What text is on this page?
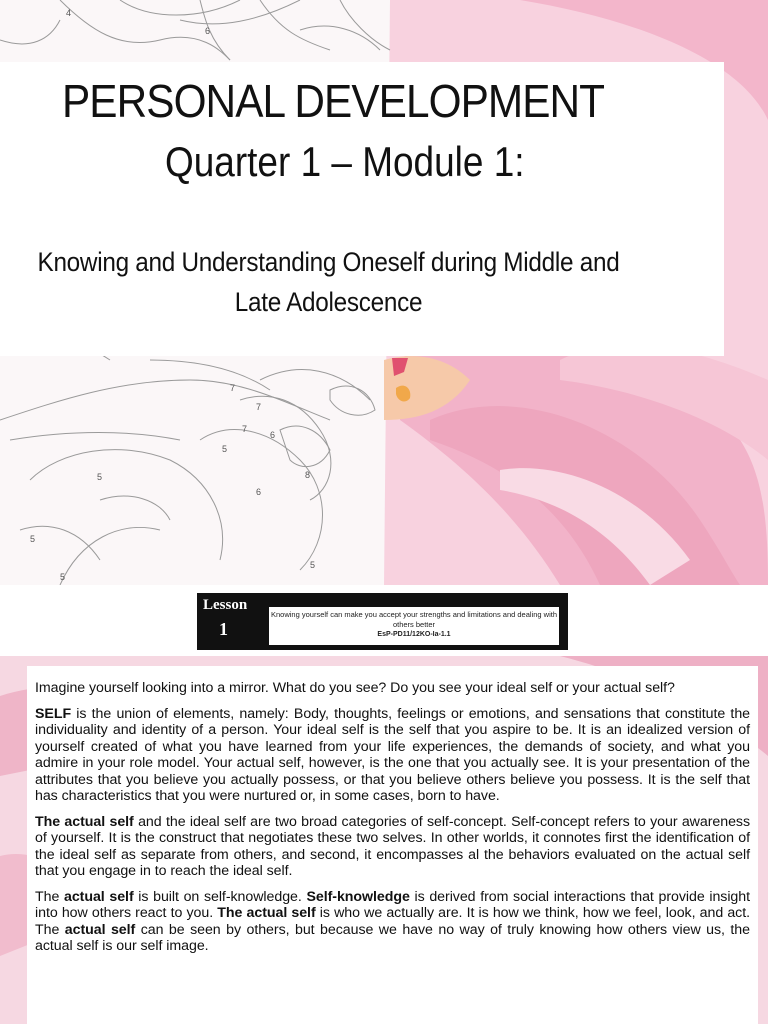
4
6
7
7
7
6
5
6
8
5
5
5
5
PERSONAL DEVELOPMENT
Quarter 1 – Module 1:
Knowing and Understanding Oneself during Middle and Late Adolescence
Lesson
1
Knowing yourself can make you accept your strengths and limitations and dealing with others better
EsP-PD11/12KO-Ia-1.1

Imagine yourself looking into a mirror. What do you see? Do you see your ideal self or your actual self?

SELF is the union of elements, namely: Body, thoughts, feelings or emotions, and sensations that constitute the individuality and identity of a person. Your ideal self is the self that you aspire to be. It is an idealized version of yourself created of what you have learned from your life experiences, the demands of society, and what you admire in your role model. Your actual self, however, is the one that you actually see. It is your presentation of the attributes that you believe you actually possess, or that you believe others believe you possess. It is the self that has characteristics that you were nurtured or, in some cases, born to have.

The actual self and the ideal self are two broad categories of self-concept. Self-concept refers to your awareness of yourself. It is the construct that negotiates these two selves. In other worlds, it connotes first the identification of the ideal self as separate from others, and second, it encompasses al the behaviors evaluated on the actual self that you engage in to reach the ideal self.

The actual self is built on self-knowledge. Self-knowledge is derived from social interactions that provide insight into how others react to you. The actual self is who we actually are. It is how we think, how we feel, look, and act. The actual self can be seen by others, but because we have no way of truly knowing how others view us, the actual self is our self image.
